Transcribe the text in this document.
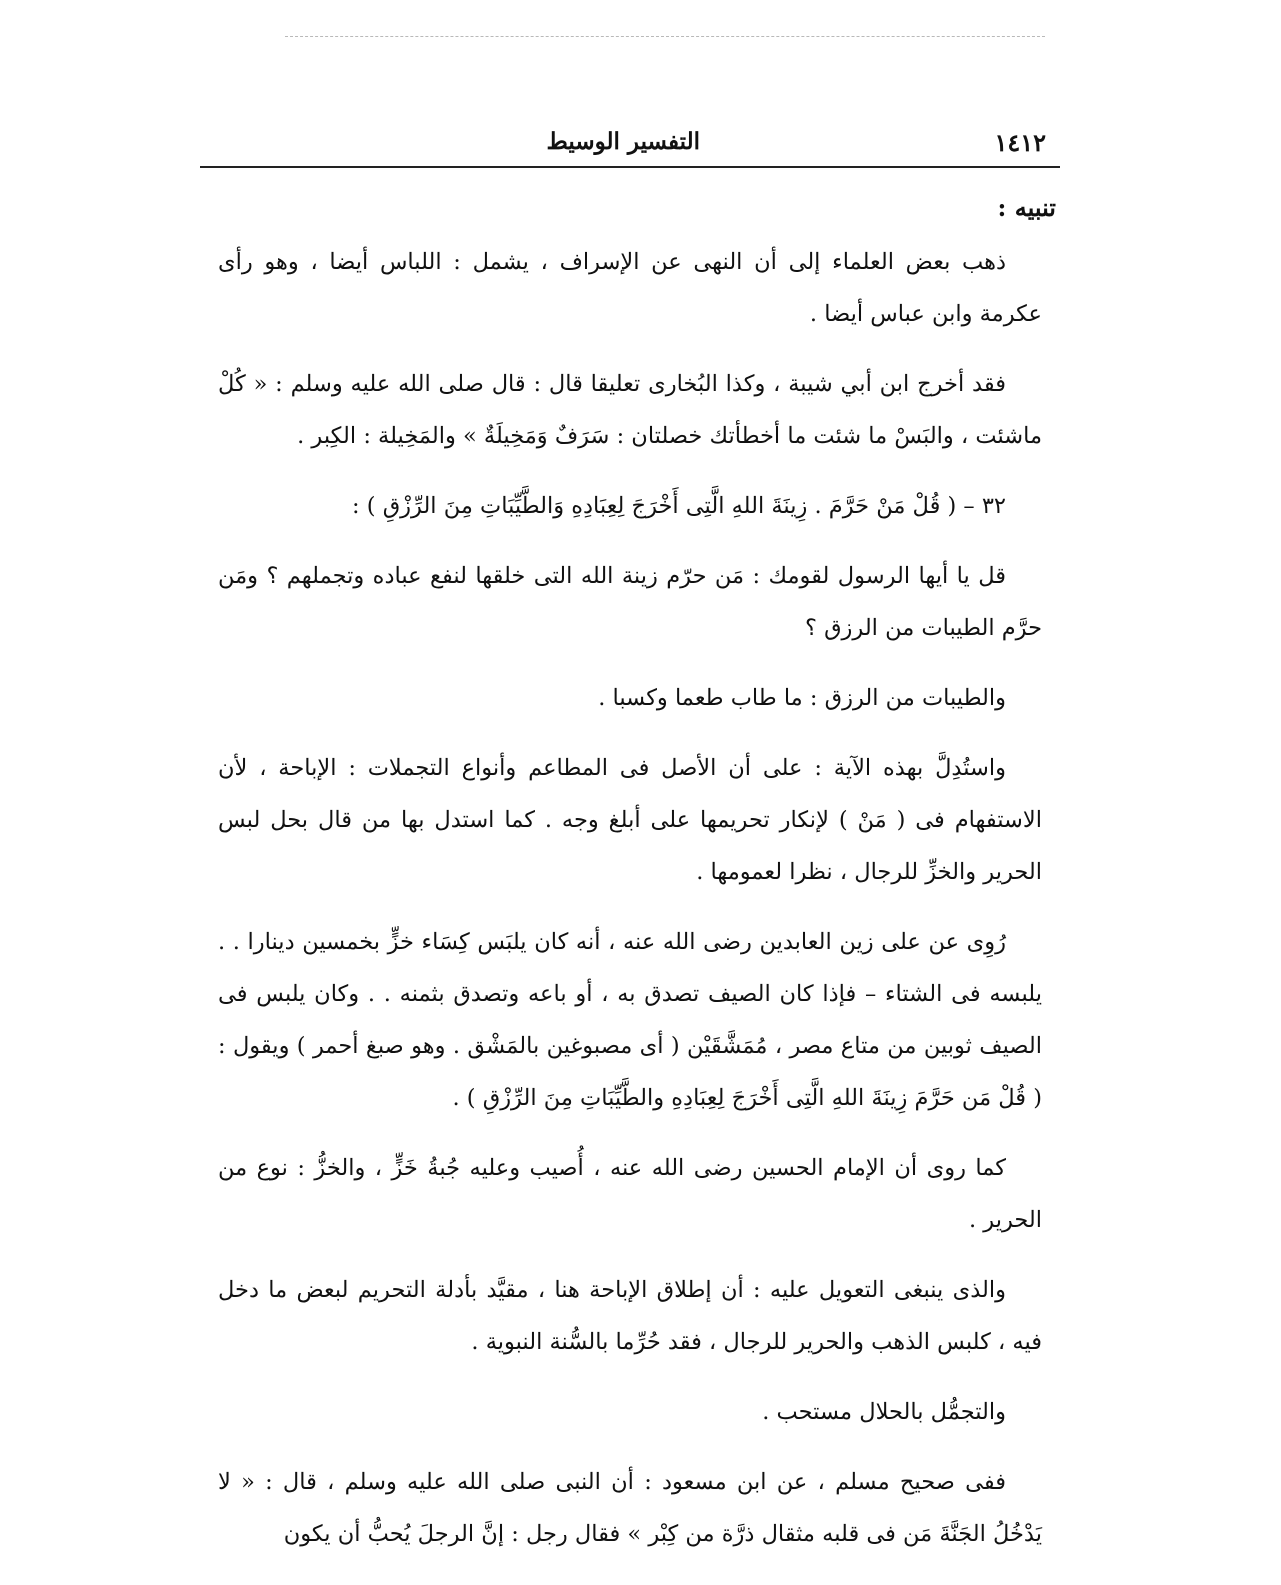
١٤١٢
التفسير الوسيط
تنبيه :

ذهب بعض العلماء إلى أن النهى عن الإسراف ، يشمل : اللباس أيضا ، وهو رأى عكرمة وابن عباس أيضا .

فقد أخرج ابن أبي شيبة ، وكذا البُخارى تعليقا قال : قال صلى الله عليه وسلم : « كُلْ ماشئت ، والبَسْ ما شئت ما أخطأتك خصلتان : سَرَفٌ وَمَخِيلَةٌ » والمَخِيلة : الكِبر .

٣٢ – ( قُلْ مَنْ حَرَّمَ . زِينَةَ اللهِ الَّتِى أَخْرَجَ لِعِبَادِهِ وَالطَّيِّبَاتِ مِنَ الرِّزْقِ ) :

قل يا أيها الرسول لقومك : مَن حرّم زينة الله التى خلقها لنفع عباده وتجملهم ؟ ومَن حرَّم الطيبات من الرزق ؟

والطيبات من الرزق : ما طاب طعما وكسبا .

واستُدِلَّ بهذه الآية : على أن الأصل فى المطاعم وأنواع التجملات : الإباحة ، لأن الاستفهام فى ( مَنْ ) لإنكار تحريمها على أبلغ وجه . كما استدل بها من قال بحل لبس الحرير والخزِّ للرجال ، نظرا لعمومها .

رُوِى عن على زين العابدين رضى الله عنه ، أنه كان يلبَس كِسَاء خزٍّ بخمسين دينارا . . يلبسه فى الشتاء – فإذا كان الصيف تصدق به ، أو باعه وتصدق بثمنه . . وكان يلبس فى الصيف ثوبين من متاع مصر ، مُمَشَّقَيْن ( أى مصبوغين بالمَشْق . وهو صبغ أحمر ) ويقول : ( قُلْ مَن حَرَّمَ زِينَةَ اللهِ الَّتِى أَخْرَجَ لِعِبَادِهِ والطَّيِّبَاتِ مِنَ الرِّزْقِ ) .

كما روى أن الإمام الحسين رضى الله عنه ، أُصيب وعليه جُبةُ خَزٍّ ، والخزُّ : نوع من الحرير .

والذى ينبغى التعويل عليه : أن إطلاق الإباحة هنا ، مقيَّد بأدلة التحريم لبعض ما دخل فيه ، كلبس الذهب والحرير للرجال ، فقد حُرِّما بالسُّنة النبوية .

والتجمُّل بالحلال مستحب .

ففى صحيح مسلم ، عن ابن مسعود : أن النبى صلى الله عليه وسلم ، قال : « لا يَدْخُلُ الجَنَّةَ مَن فى قلبه مثقال ذرَّة من كِبْر » فقال رجل : إنَّ الرجلَ يُحبُّ أن يكون
